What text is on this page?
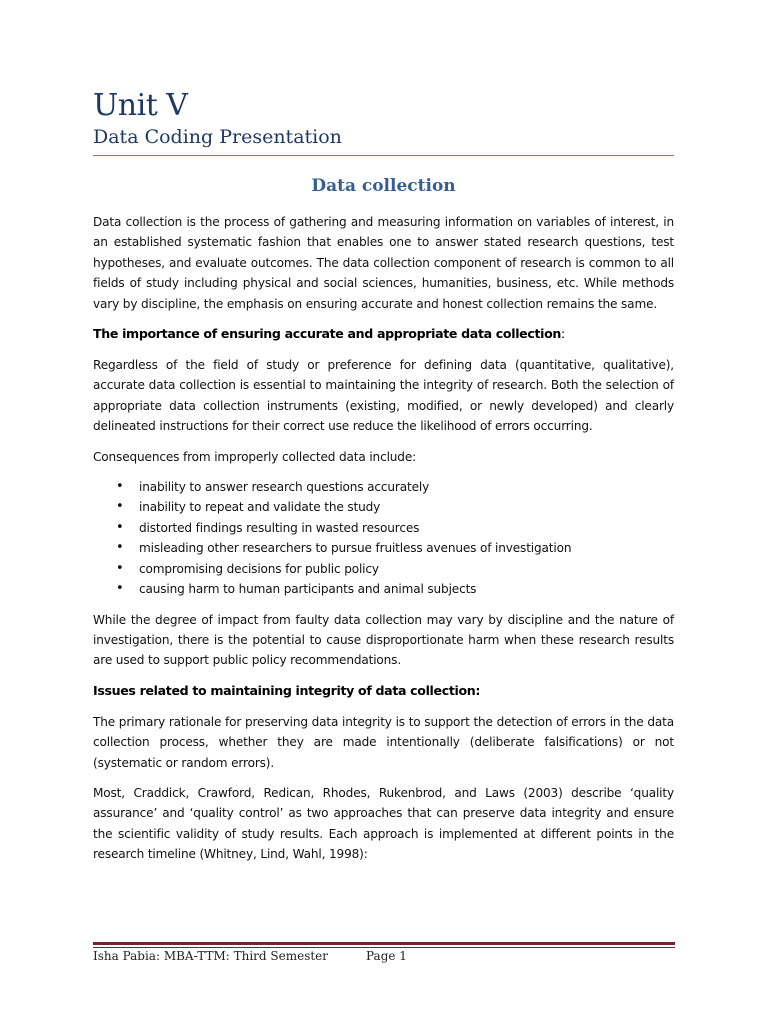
Unit V
Data Coding Presentation
Data collection

Data collection is the process of gathering and measuring information on variables of interest, in an established systematic fashion that enables one to answer stated research questions, test hypotheses, and evaluate outcomes. The data collection component of research is common to all fields of study including physical and social sciences, humanities, business, etc. While methods vary by discipline, the emphasis on ensuring accurate and honest collection remains the same.

The importance of ensuring accurate and appropriate data collection:

Regardless of the field of study or preference for defining data (quantitative, qualitative), accurate data collection is essential to maintaining the integrity of research. Both the selection of appropriate data collection instruments (existing, modified, or newly developed) and clearly delineated instructions for their correct use reduce the likelihood of errors occurring.

Consequences from improperly collected data include:

• inability to answer research questions accurately
• inability to repeat and validate the study
• distorted findings resulting in wasted resources
• misleading other researchers to pursue fruitless avenues of investigation
• compromising decisions for public policy
• causing harm to human participants and animal subjects

While the degree of impact from faulty data collection may vary by discipline and the nature of investigation, there is the potential to cause disproportionate harm when these research results are used to support public policy recommendations.

Issues related to maintaining integrity of data collection:

The primary rationale for preserving data integrity is to support the detection of errors in the data collection process, whether they are made intentionally (deliberate falsifications) or not (systematic or random errors).

Most, Craddick, Crawford, Redican, Rhodes, Rukenbrod, and Laws (2003) describe ‘quality assurance’ and ‘quality control’ as two approaches that can preserve data integrity and ensure the scientific validity of study results. Each approach is implemented at different points in the research timeline (Whitney, Lind, Wahl, 1998):

Isha Pabia: MBA-TTM: Third Semester	Page 1
